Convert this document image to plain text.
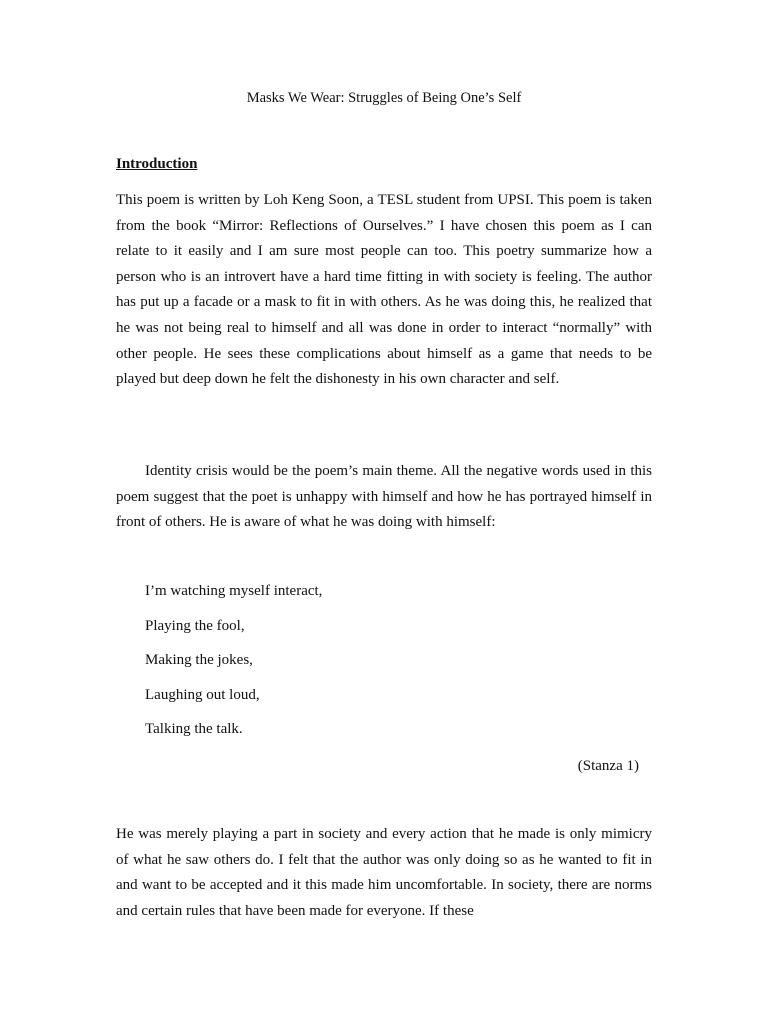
Masks We Wear: Struggles of Being One’s Self
Introduction

This poem is written by Loh Keng Soon, a TESL student from UPSI. This poem is taken from the book “Mirror: Reflections of Ourselves.” I have chosen this poem as I can relate to it easily and I am sure most people can too. This poetry summarize how a person who is an introvert have a hard time fitting in with society is feeling. The author has put up a facade or a mask to fit in with others. As he was doing this, he realized that he was not being real to himself and all was done in order to interact “normally” with other people. He sees these complications about himself as a game that needs to be played but deep down he felt the dishonesty in his own character and self.

Identity crisis would be the poem’s main theme. All the negative words used in this poem suggest that the poet is unhappy with himself and how he has portrayed himself in front of others. He is aware of what he was doing with himself:

I’m watching myself interact,
Playing the fool,
Making the jokes,
Laughing out loud,
Talking the talk.
(Stanza 1)

He was merely playing a part in society and every action that he made is only mimicry of what he saw others do. I felt that the author was only doing so as he wanted to fit in and want to be accepted and it this made him uncomfortable. In society, there are norms and certain rules that have been made for everyone. If these
